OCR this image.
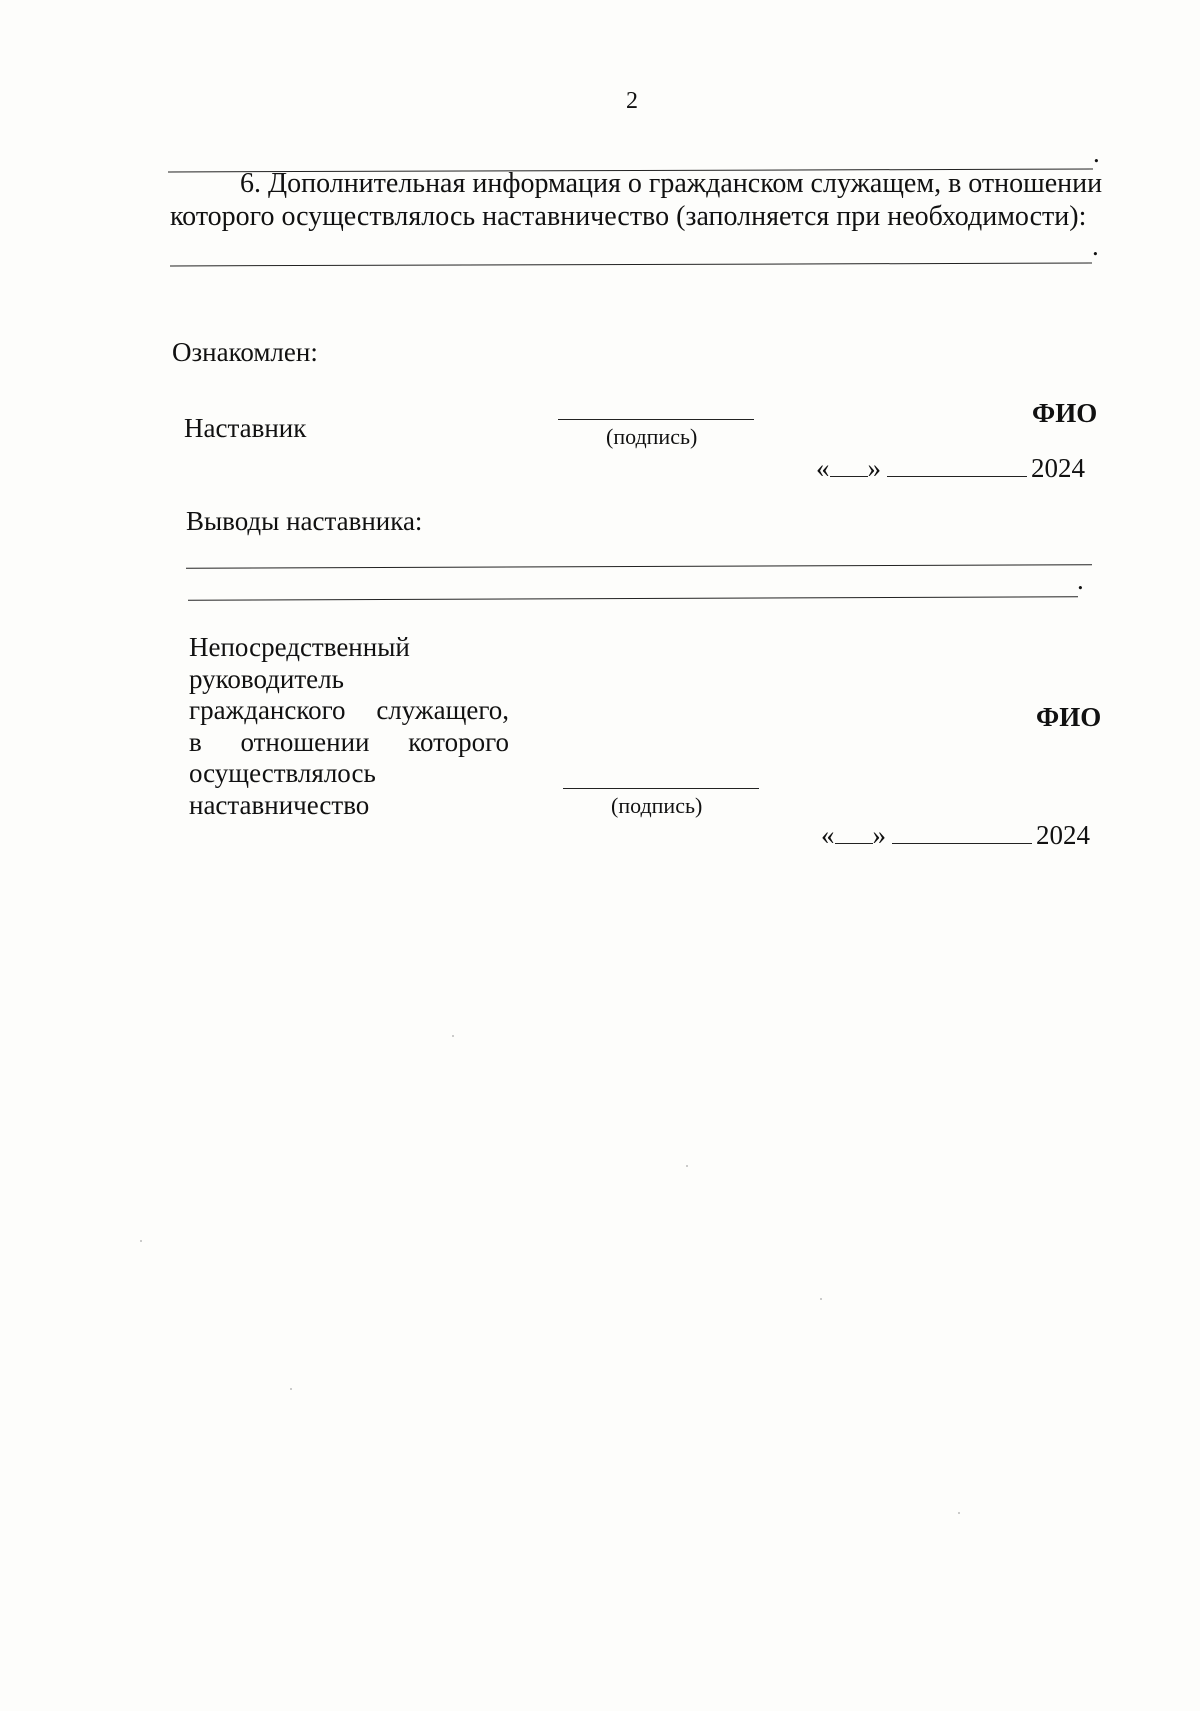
2
.
6. Дополнительная информация о гражданском служащем, в отношении
которого осуществлялось наставничество (заполняется при необходимости):
.
Ознакомлен:
Наставник	(подпись)
ФИО
« »	2024
Выводы наставника:
.
Непосредственный
руководитель
гражданского служащего,
в отношении которого
осуществлялось
наставничество	(подпись)
ФИО
« »	2024
